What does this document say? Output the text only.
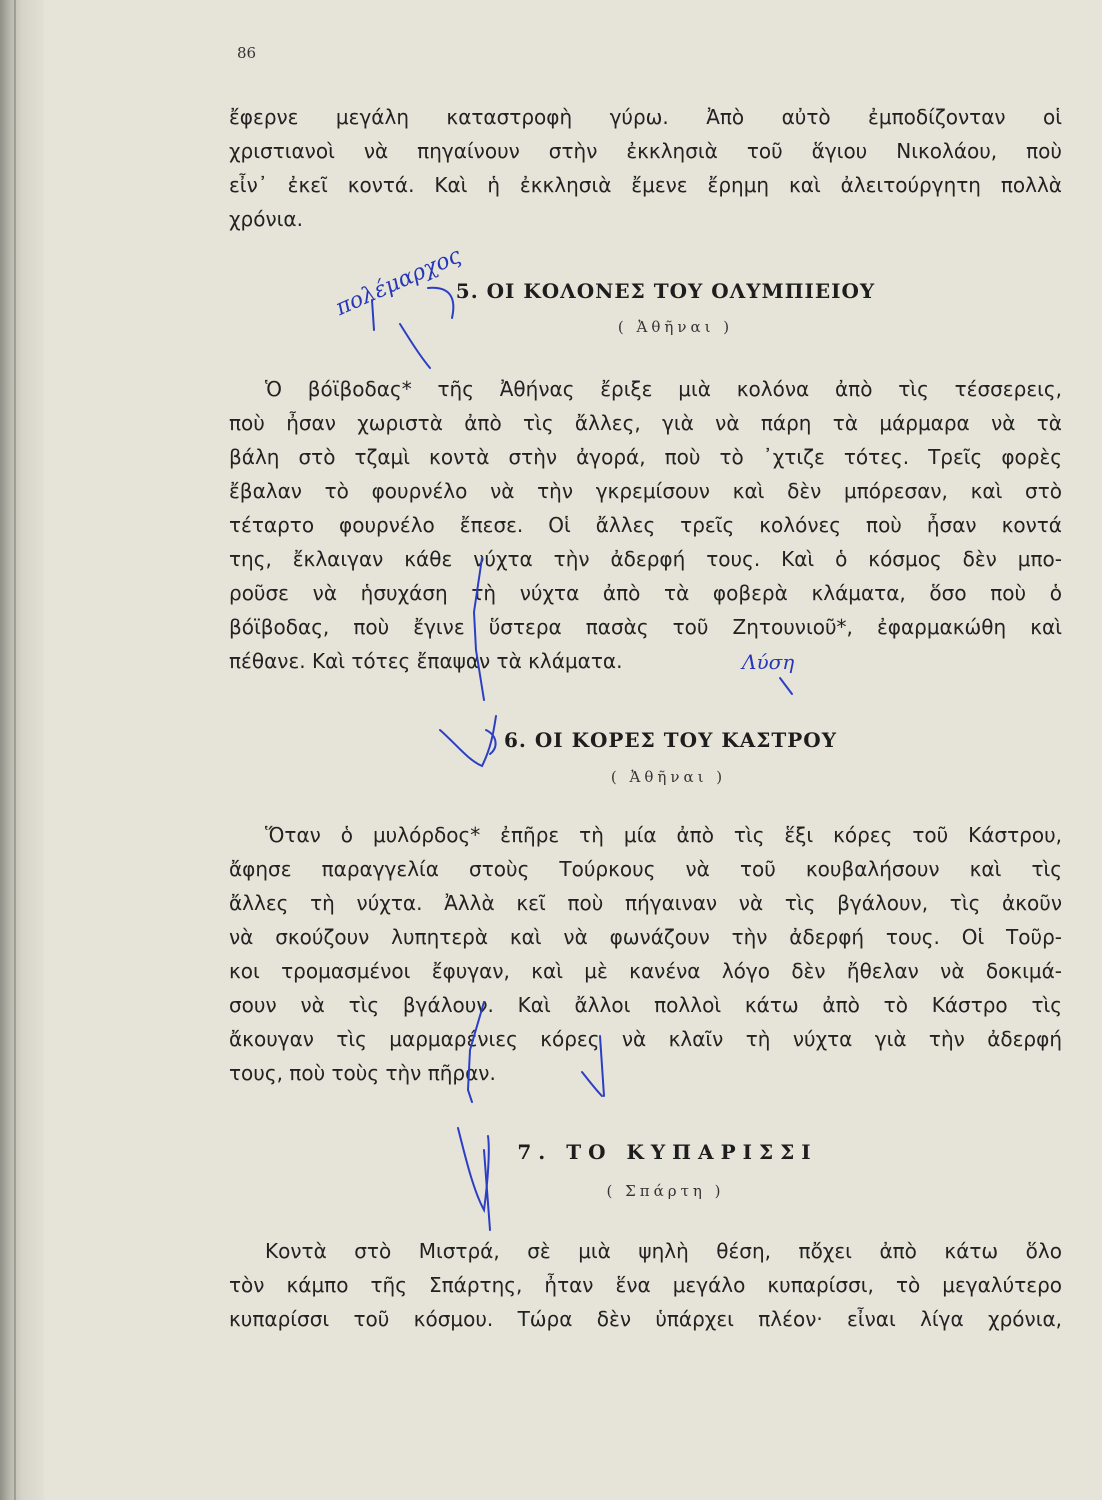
86
ἔφερνε μεγάλη καταστροφὴ γύρω. Ἀπὸ αὐτὸ ἐμποδίζονταν οἱ
χριστιανοὶ νὰ πηγαίνουν στὴν ἐκκλησιὰ τοῦ ἅγιου Νικολάου, ποὺ
εἶν᾽ ἐκεῖ κοντά. Καὶ ἡ ἐκκλησιὰ ἔμενε ἔρημη καὶ ἀλειτούργητη πολλὰ
χρόνια.
5. ΟΙ ΚΟΛΟΝΕΣ ΤΟΥ ΟΛΥΜΠΙΕΙΟΥ
( Ἀθῆναι )
Ὁ βόϊβοδας* τῆς Ἀθήνας ἔριξε μιὰ κολόνα ἀπὸ τὶς τέσσερεις,
ποὺ ἦσαν χωριστὰ ἀπὸ τὶς ἄλλες, γιὰ νὰ πάρη τὰ μάρμαρα νὰ τὰ
βάλη στὸ τζαμὶ κοντὰ στὴν ἀγορά, ποὺ τὸ ᾽χτιζε τότες. Τρεῖς φορὲς
ἔβαλαν τὸ φουρνέλο νὰ τὴν γκρεμίσουν καὶ δὲν μπόρεσαν, καὶ στὸ
τέταρτο φουρνέλο ἔπεσε. Οἱ ἄλλες τρεῖς κολόνες ποὺ ἦσαν κοντά
της, ἔκλαιγαν κάθε νύχτα τὴν ἀδερφή τους. Καὶ ὁ κόσμος δὲν μπο-
ροῦσε νὰ ἡσυχάση τὴ νύχτα ἀπὸ τὰ φοβερὰ κλάματα, ὅσο ποὺ ὁ
βόϊβοδας, ποὺ ἔγινε ὕστερα πασὰς τοῦ Ζητουνιοῦ*, ἐφαρμακώθη καὶ
πέθανε. Καὶ τότες ἔπαψαν τὰ κλάματα.
6. ΟΙ ΚΟΡΕΣ ΤΟΥ ΚΑΣΤΡΟΥ
( Ἀθῆναι )
Ὅταν ὁ μυλόρδος* ἐπῆρε τὴ μία ἀπὸ τὶς ἕξι κόρες τοῦ Κάστρου,
ἄφησε παραγγελία στοὺς Τούρκους νὰ τοῦ κουβαλήσουν καὶ τὶς
ἄλλες τὴ νύχτα. Ἀλλὰ κεῖ ποὺ πήγαιναν νὰ τὶς βγάλουν, τὶς ἀκοῦν
νὰ σκούζουν λυπητερὰ καὶ νὰ φωνάζουν τὴν ἀδερφή τους. Οἱ Τοῦρ-
κοι τρομασμένοι ἔφυγαν, καὶ μὲ κανένα λόγο δὲν ἤθελαν νὰ δοκιμά-
σουν νὰ τὶς βγάλουν. Καὶ ἄλλοι πολλοὶ κάτω ἀπὸ τὸ Κάστρο τὶς
ἄκουγαν τὶς μαρμαρένιες κόρες νὰ κλαῖν τὴ νύχτα γιὰ τὴν ἀδερφή
τους, ποὺ τοὺς τὴν πῆραν.
7. ΤΟ ΚΥΠΑΡΙΣΣΙ
( Σπάρτη )
Κοντὰ στὸ Μιστρά, σὲ μιὰ ψηλὴ θέση, πὄχει ἀπὸ κάτω ὅλο
τὸν κάμπο τῆς Σπάρτης, ἦταν ἕνα μεγάλο κυπαρίσσι, τὸ μεγαλύτερο
κυπαρίσσι τοῦ κόσμου. Τώρα δὲν ὑπάρχει πλέον· εἶναι λίγα χρόνια,
πολέμαρχος
Λύση
